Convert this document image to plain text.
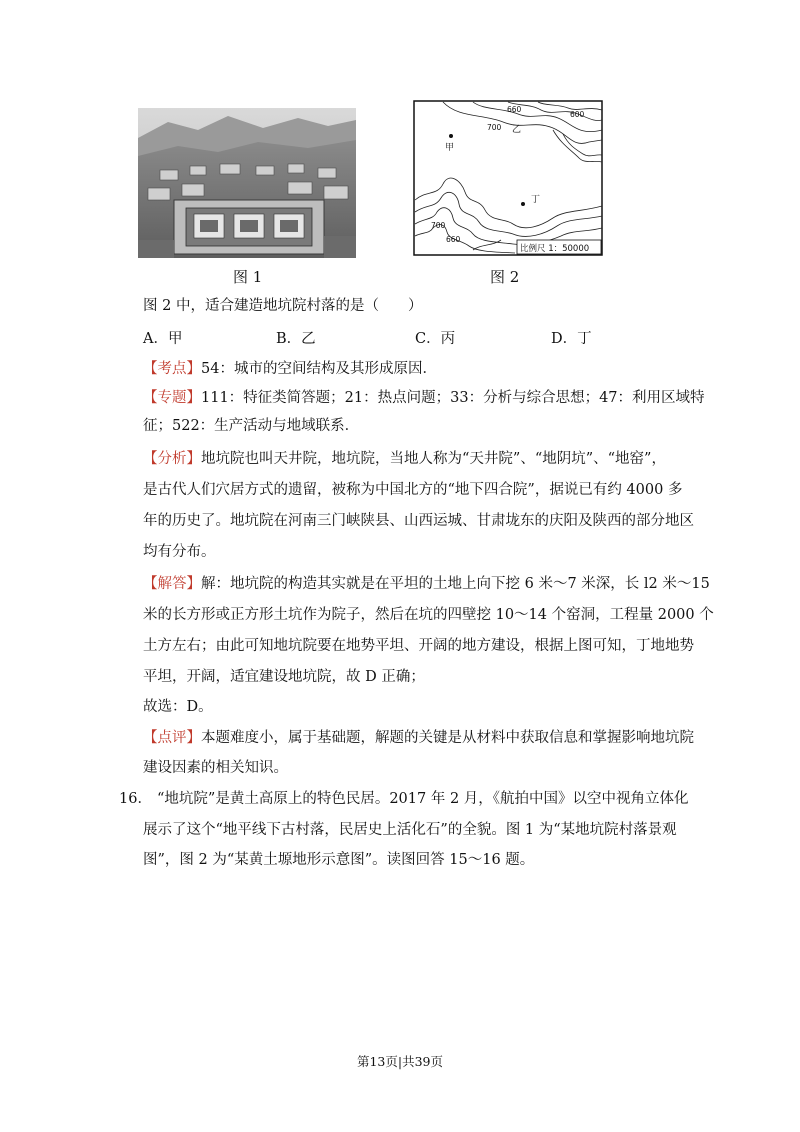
图 1
甲
乙
丁
660
700
600
700
660
比例尺 1：50000
图 2
图 2 中，适合建造地坑院村落的是（　　）
A．甲	B．乙	C．丙	D．丁
【考点】54：城市的空间结构及其形成原因．
【专题】111：特征类简答题；21：热点问题；33：分析与综合思想；47：利用区域特
征；522：生产活动与地域联系．
【分析】地坑院也叫天井院，地坑院，当地人称为“天井院”、“地阴坑”、“地窑”，
是古代人们穴居方式的遗留，被称为中国北方的“地下四合院”，据说已有约 4000 多
年的历史了。地坑院在河南三门峡陕县、山西运城、甘肃垅东的庆阳及陕西的部分地区
均有分布。
【解答】解：地坑院的构造其实就是在平坦的土地上向下挖 6 米～7 米深，长 l2 米～15
米的长方形或正方形土坑作为院子，然后在坑的四壁挖 10～14 个窑洞，工程量 2000 个
土方左右；由此可知地坑院要在地势平坦、开阔的地方建设，根据上图可知，丁地地势
平坦，开阔，适宜建设地坑院，故 D 正确；
故选：D。
【点评】本题难度小，属于基础题，解题的关键是从材料中获取信息和掌握影响地坑院
建设因素的相关知识。
16． “地坑院”是黄土高原上的特色民居。2017 年 2 月，《航拍中国》以空中视角立体化
展示了这个“地平线下古村落，民居史上活化石”的全貌。图 1 为“某地坑院村落景观
图”，图 2 为“某黄土塬地形示意图”。读图回答 15～16 题。
第13页|共39页
